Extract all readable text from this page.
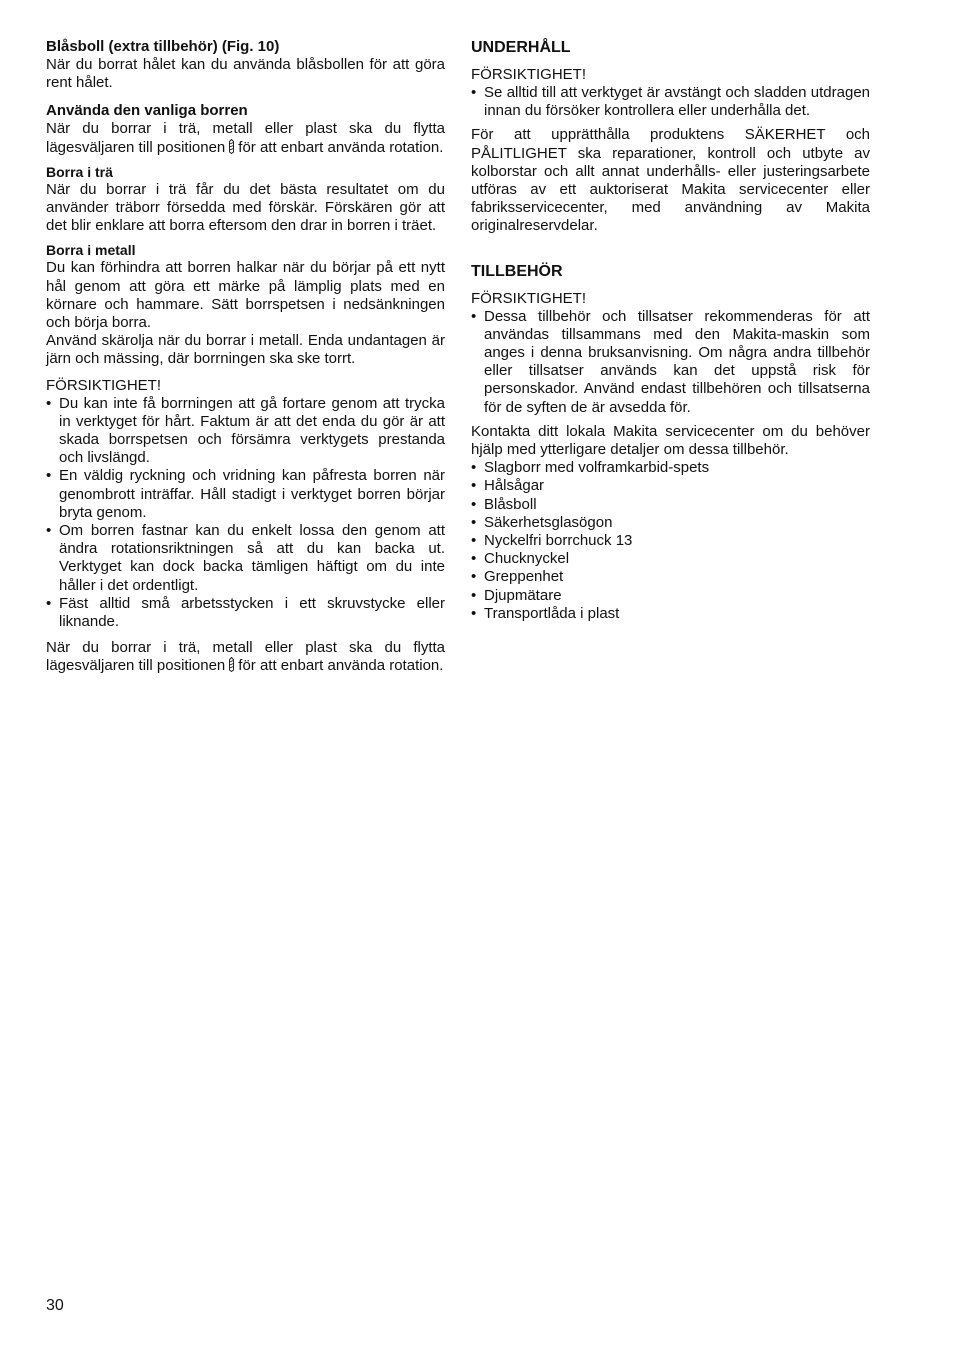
Blåsboll (extra tillbehör) (Fig. 10)

När du borrat hålet kan du använda blåsbollen för att göra rent hålet.

Använda den vanliga borren

När du borrar i trä, metall eller plast ska du flytta lägesväljaren till positionen för att enbart använda rotation.

Borra i trä

När du borrar i trä får du det bästa resultatet om du använder träborr försedda med förskär. Förskären gör att det blir enklare att borra eftersom den drar in borren i träet.

Borra i metall

Du kan förhindra att borren halkar när du börjar på ett nytt hål genom att göra ett märke på lämplig plats med en körnare och hammare. Sätt borrspetsen i nedsänkningen och börja borra.

Använd skärolja när du borrar i metall. Enda undantagen är järn och mässing, där borrningen ska ske torrt.

FÖRSIKTIGHET!
• Du kan inte få borrningen att gå fortare genom att trycka in verktyget för hårt. Faktum är att det enda du gör är att skada borrspetsen och försämra verktygets prestanda och livslängd.
• En väldig ryckning och vridning kan påfresta borren när genombrott inträffar. Håll stadigt i verktyget borren börjar bryta genom.
• Om borren fastnar kan du enkelt lossa den genom att ändra rotationsriktningen så att du kan backa ut. Verktyget kan dock backa tämligen häftigt om du inte håller i det ordentligt.
• Fäst alltid små arbetsstycken i ett skruvstycke eller liknande.

När du borrar i trä, metall eller plast ska du flytta lägesväljaren till positionen för att enbart använda rotation.

UNDERHÅLL
FÖRSIKTIGHET!
• Se alltid till att verktyget är avstängt och sladden utdragen innan du försöker kontrollera eller underhålla det.

För att upprätthålla produktens SÄKERHET och PÅLITLIGHET ska reparationer, kontroll och utbyte av kolborstar och allt annat underhålls- eller justeringsarbete utföras av ett auktoriserat Makita servicecenter eller fabriksservicecenter, med användning av Makita originalreservdelar.

TILLBEHÖR
FÖRSIKTIGHET!
• Dessa tillbehör och tillsatser rekommenderas för att användas tillsammans med den Makita-maskin som anges i denna bruksanvisning. Om några andra tillbehör eller tillsatser används kan det uppstå risk för personskador. Använd endast tillbehören och tillsatserna för de syften de är avsedda för.

Kontakta ditt lokala Makita servicecenter om du behöver hjälp med ytterligare detaljer om dessa tillbehör.

• Slagborr med volframkarbid-spets
• Hålsågar
• Blåsboll
• Säkerhetsglasögon
• Nyckelfri borrchuck 13
• Chucknyckel
• Greppenhet
• Djupmätare
• Transportlåda i plast
30
